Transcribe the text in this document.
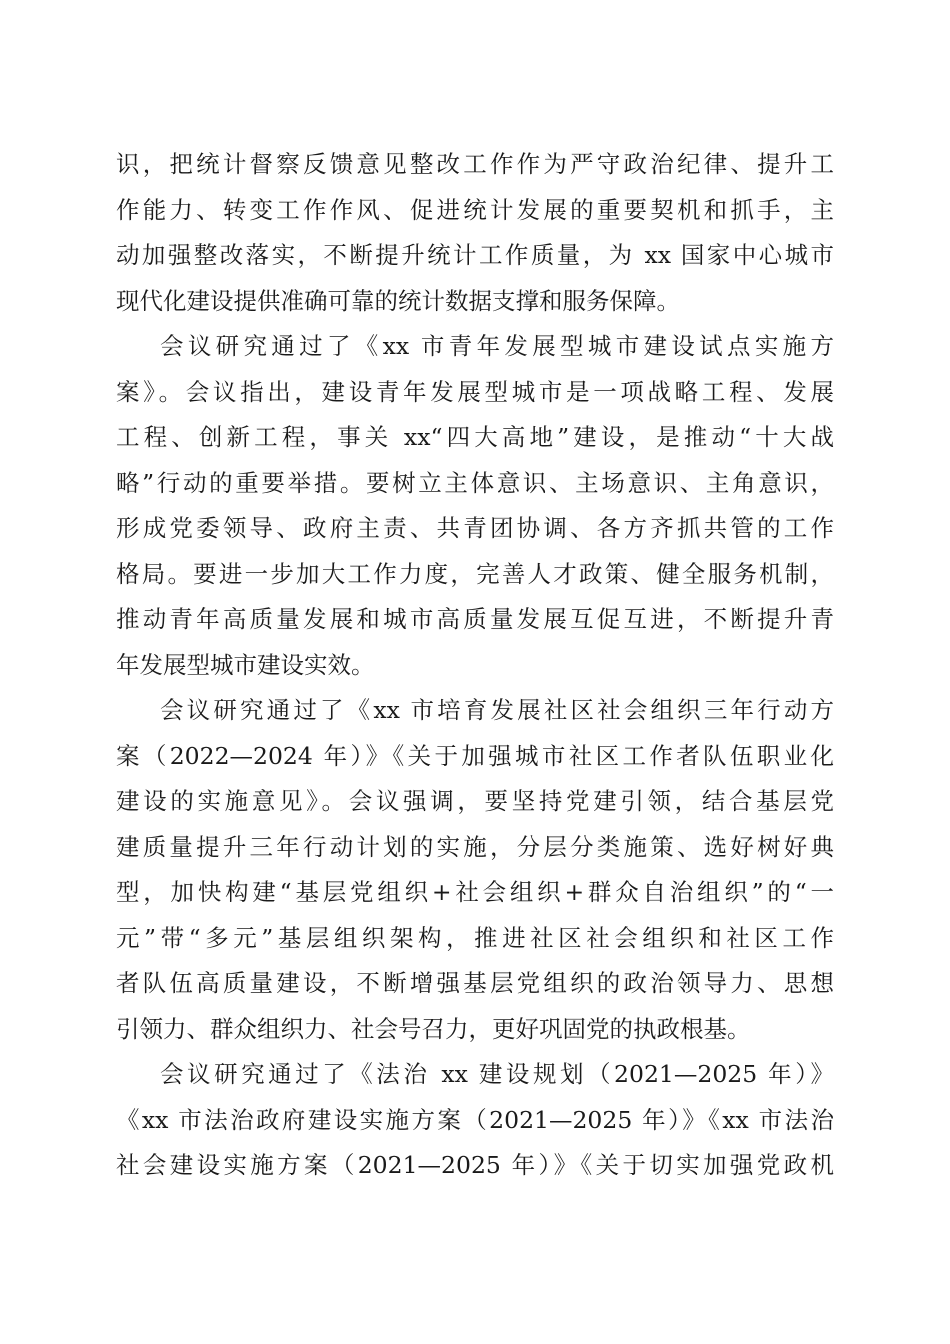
识，把统计督察反馈意见整改工作作为严守政治纪律、提升工
作能力、转变工作作风、促进统计发展的重要契机和抓手，主
动加强整改落实，不断提升统计工作质量，为 xx 国家中心城市
现代化建设提供准确可靠的统计数据支撑和服务保障。
会议研究通过了《xx 市青年发展型城市建设试点实施方
案》。会议指出，建设青年发展型城市是一项战略工程、发展
工程、创新工程，事关 xx“四大高地”建设，是推动“十大战
略”行动的重要举措。要树立主体意识、主场意识、主角意识，
形成党委领导、政府主责、共青团协调、各方齐抓共管的工作
格局。要进一步加大工作力度，完善人才政策、健全服务机制，
推动青年高质量发展和城市高质量发展互促互进，不断提升青
年发展型城市建设实效。
会议研究通过了《xx 市培育发展社区社会组织三年行动方
案（2022—2024 年）》《关于加强城市社区工作者队伍职业化
建设的实施意见》。会议强调，要坚持党建引领，结合基层党
建质量提升三年行动计划的实施，分层分类施策、选好树好典
型，加快构建“基层党组织+社会组织+群众自治组织”的“一
元”带“多元”基层组织架构，推进社区社会组织和社区工作
者队伍高质量建设，不断增强基层党组织的政治领导力、思想
引领力、群众组织力、社会号召力，更好巩固党的执政根基。
会议研究通过了《法治 xx 建设规划（2021—2025 年）》
《xx 市法治政府建设实施方案（2021—2025 年）》《xx 市法治
社会建设实施方案（2021—2025 年）》《关于切实加强党政机
